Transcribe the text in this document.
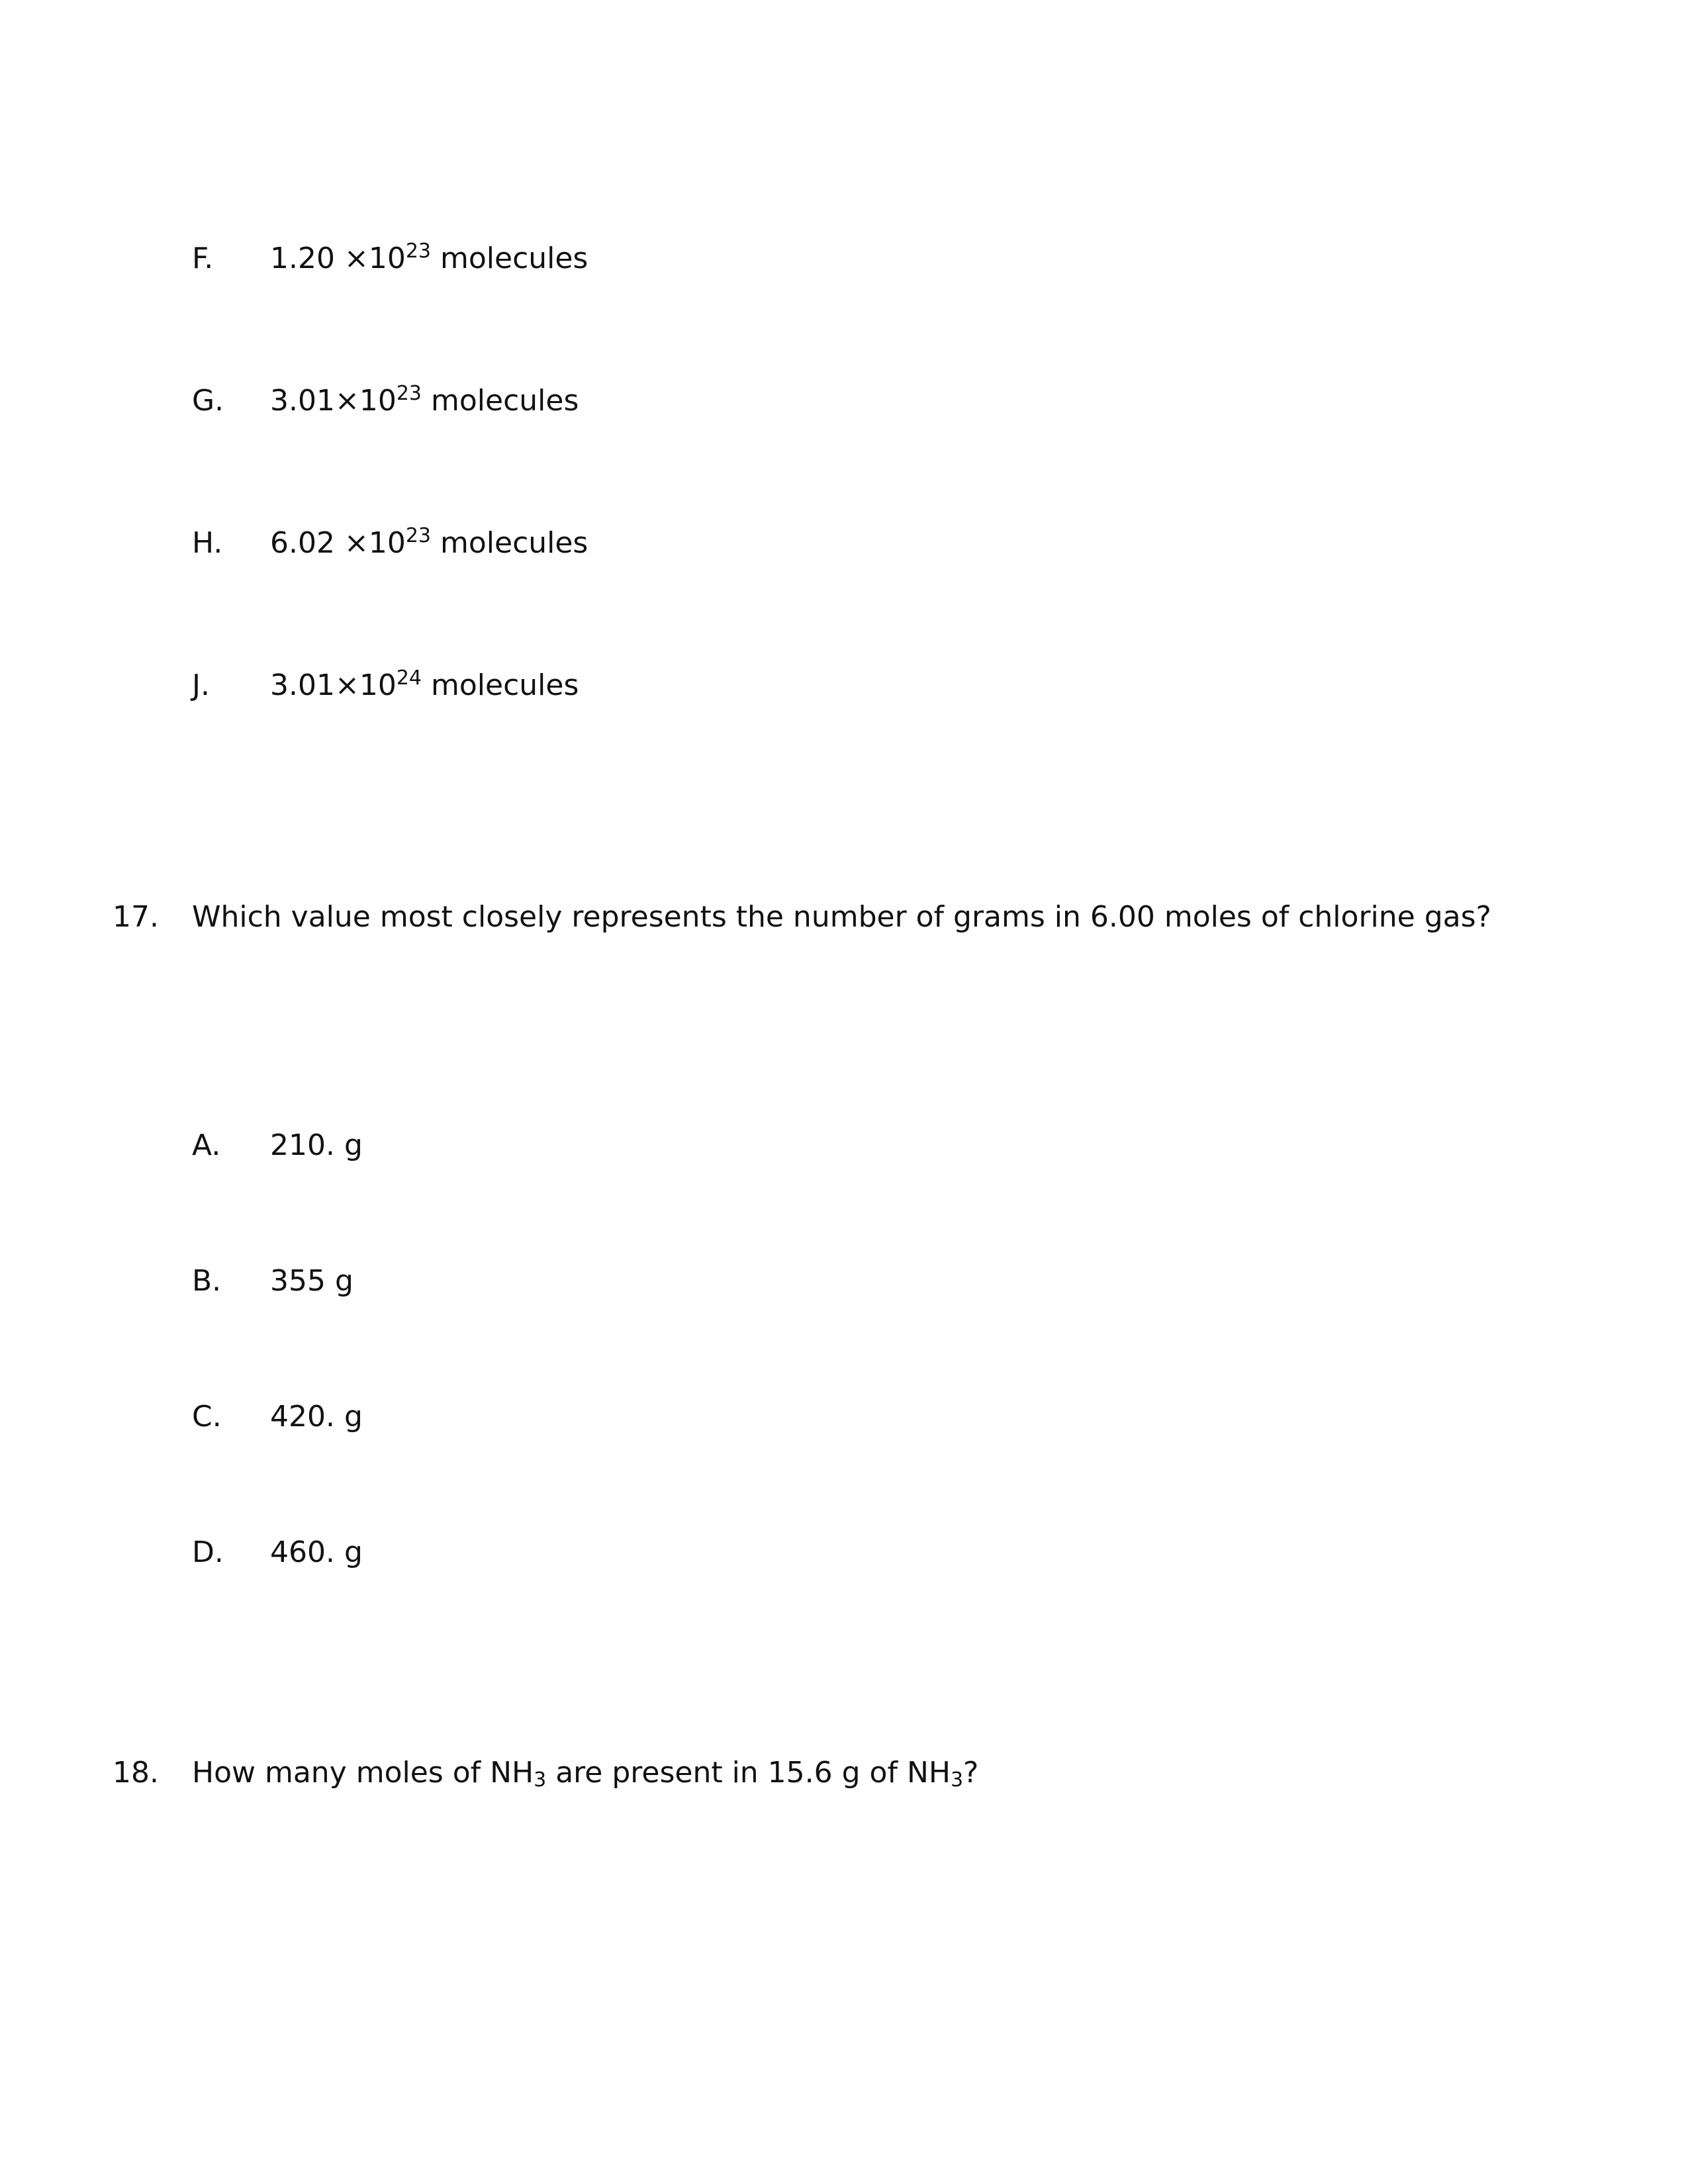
F. $1.20 \times 10^{23}$ molecules
G. $3.01\times 10^{23}$ molecules
H. $6.02 \times 10^{23}$ molecules
J. $3.01\times 10^{24}$ molecules
17. Which value most closely represents the number of grams in 6.00 moles of chlorine gas?
A. 210. g
B. 355 g
C. 420. g
D. 460. g
18. How many moles of $NH_3$ are present in 15.6 g of $NH_3$?
